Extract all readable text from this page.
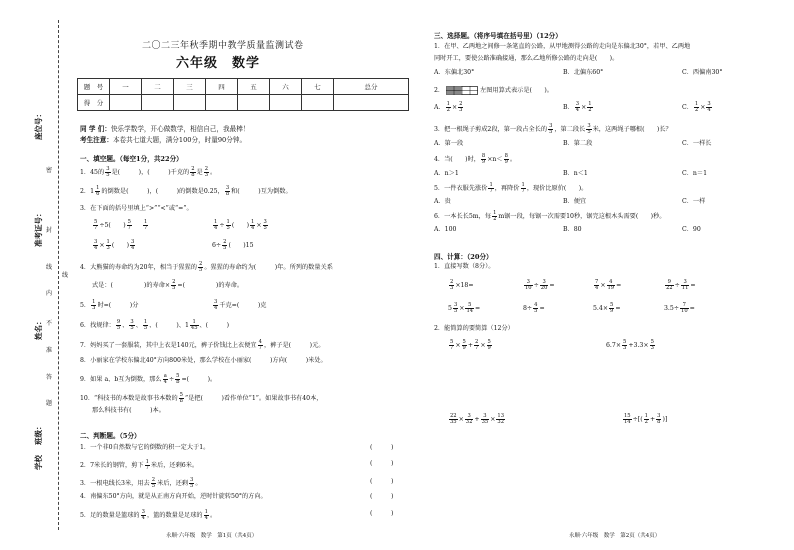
座位号：
准考证号：
姓名：
班级：
学校
密
封
线
内
不
准
答
题
线
二〇二三年秋季期中教学质量监测试卷
六年级　数学
题　号	一	二	三	四	五	六	七	总分
得　分								
同 学 们：快乐学数学，开心做数学，相信自己，我最棒！
考生注意：本卷共七道大题，满分100分，时量90分钟。
一、填空题。（每空1分，共22分）
1．45的 $\frac{3}{5}$ 是(　　　)，(　　　)千克的 $\frac{2}{8}$ 是 $\frac{2}{3}$ 。
2．$1 \frac{1}{6}$ 的倒数是(　　　)，(　　　)的倒数是0.25， $\frac{3}{8}$ 和(　　　)互为倒数。
3．在下面的括号里填上“>”“<”或“=”。
$\frac{5}{7} \div 5$(　　) $\frac{5}{7} \frac{1}{7}$	$\frac{1}{4} \div \frac{1}{5}$ (　　) $\frac{1}{4} \times \frac{3}{5}$
$\frac{3}{4} \times \frac{1}{3}$ (　　) $\frac{3}{4}$	$6\div \frac{2}{5}$ (　　)15
4．大熊猫的寿命约为20年，相当于猩猩的 $\frac{2}{5}$ 。猩猩的寿命约为(　　　)年。所列的数量关系
式是：(　　　　　)的寿命× $\frac{2}{5}$ =(　　　　　)的寿命。
5． $\frac{1}{3}$ 时=(　　　)分	$\frac{3}{4}$ 千克=(　　　)克
6．找规律： $\frac{9}{5}$ 、 $\frac{3}{5}$ 、 $\frac{1}{5}$ 、(　　　)、$1 \frac{1}{45}$ 、(　　　)
7．妈妈买了一套服装，其中上衣是140元，裤子价钱比上衣便宜 $\frac{4}{7}$ ，裤子是(　　　)元。
8．小丽家在学校东偏北40°方向800米处，那么学校在小丽家(　　　)方向(　　　)米处。
9．如果 a、b互为倒数，那么 $\frac{a}{4} \div \frac{5}{b}$ =(　　　)。
10．“科技书的本数是故事书本数的 $\frac{5}{8}$ ”是把(　　　)看作单位“1”。如果故事书有40本，
那么科技书有(　　　)本。
二、判断题。（5分）
1．一个非0自然数与它的倒数的积一定大于1。
2．7米长的钢管，剪下 $\frac{1}{7}$ 米后，还剩6米。
3．一根电线长3米，用去 $\frac{2}{5}$ 米后，还剩 $\frac{3}{5}$ 。
4．南偏东50°方向，就是从正南方向开始，逆时针旋转50°的方向。
5．足的数量是篮球的 $\frac{3}{4}$ ，篮的数量是足球的 $\frac{1}{4}$ 。
(　　　)
(　　　)
(　　　)
(　　　)
(　　　)
永顺·六年级　数学　第1页（共4页）
三、选择题。（将序号填在括号里）（12分）
1．在甲、乙两地之间修一条笔直的公路，从甲地测得公路的走向是东偏北30°，若甲、乙两地
同时开工，要使公路准确接通，那么乙地所修公路的走向是(　　)。
A．东偏北30°	B．北偏东60°	C．西偏南30°
2．	左图用算式表示是(　　)。
A． $\frac{1}{2} \times \frac{2}{3}$	B． $\frac{3}{4} \times \frac{1}{2}$	C． $\frac{1}{2} \times \frac{3}{4}$
3．把一根绳子剪成2段，第一段占全长的 $\frac{3}{5}$ ，第二段长 $\frac{3}{5}$ 米，这两绳子哪根(　　)长？
A．第一段	B．第二段	C．一样长
4．当(　　)时， $\frac{8}{9} \times n< \frac{8}{9}$ 。
A．n＞1	B．n＜1	C．n＝1
5．一件衣服先涨价 $\frac{1}{7}$ ，再降价 $\frac{1}{7}$ ，现价比原价(　　)。
A．贵	B．便宜	C．一样
6．一本长长5m，每 $\frac{1}{2}$ m锯一段，每锯一次需要10秒，锯完这根木头需要(　　)秒。
A．100	B．80	C．90
四、计算：（20分）
1．直接写数（8分）。
$\frac{2}{3} \times 18=$	$\frac{3}{10} \div \frac{3}{20}$ =	$\frac{7}{4} \times \frac{4}{19}$ =	$\frac{9}{22} \div \frac{3}{11}$ =
$5 \frac{3}{5} \times \frac{5}{14}$ =	$8\div \frac{4}{5}$ =	$5.4\times \frac{5}{9}$ =	$3.5\div \frac{7}{10}$ =
2．能简算的要简算（12分）
$\frac{5}{7} \times \frac{5}{9} + \frac{2}{7} \times \frac{5}{9}$	$6.7\times \frac{5}{3} +3.3\times \frac{5}{3}$
$\frac{22}{35} \times \frac{3}{32} + \frac{3}{35} \times \frac{13}{32}$	$\frac{15}{14}$ ÷[( $\frac{1}{2} + \frac{3}{8}$ )]
永顺·六年级　数学　第2页（共4页）
